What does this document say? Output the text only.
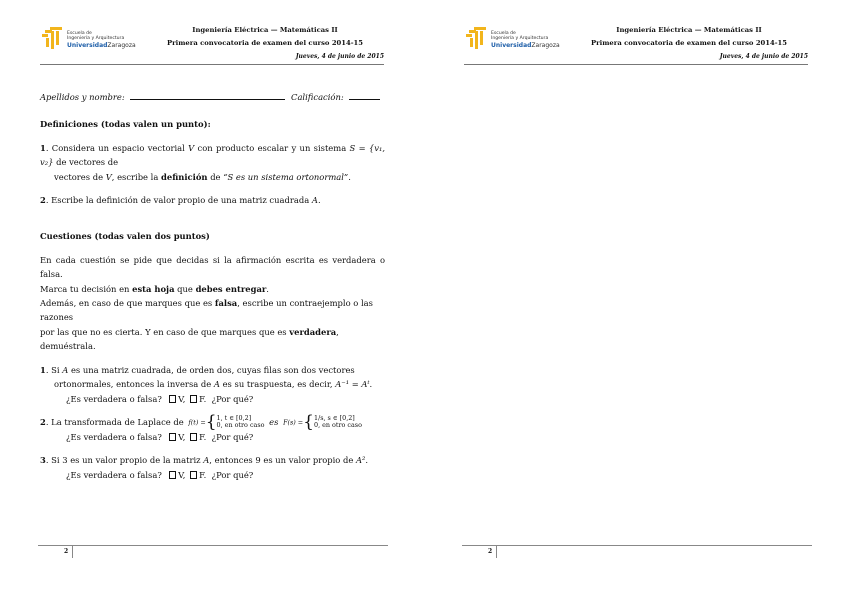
Escuela de
Ingeniería y Arquitectura
UniversidadZaragoza
Ingeniería Eléctrica — Matemáticas II
Primera convocatoria de examen del curso 2014-15
Jueves, 4 de junio de 2015

Apellidos y nombre:	Calificación:

Definiciones (todas valen un punto):

1. Considera un espacio vectorial V con producto escalar y un sistema S = {v₁, v₂} de vectores de

vectores de V, escribe la definición de “S es un sistema ortonormal”.

2. Escribe la definición de valor propio de una matriz cuadrada A.

Cuestiones (todas valen dos puntos)

En cada cuestión se pide que decidas si la afirmación escrita es verdadera o falsa.

Marca tu decisión en esta hoja que debes entregar.

Además, en caso de que marques que es falsa, escribe un contraejemplo o las razones

por las que no es cierta. Y en caso de que marques que es verdadera, demuéstrala.

1. Si A es una matriz cuadrada, de orden dos, cuyas filas son dos vectores

ortonormales, entonces la inversa de A es su traspuesta, es decir, A⁻¹ = Aᵗ.

¿Es verdadera o falsa? V, F. ¿Por qué?

2. La transformada de Laplace de f(t) ={1, t ∈ [0,2]
0, en otro caso es F(s) ={1/s, s ∈ [0,2]
0, en otro caso

¿Es verdadera o falsa? V, F. ¿Por qué?

3. Si 3 es un valor propio de la matriz A, entonces 9 es un valor propio de A².

¿Es verdadera o falsa? V, F. ¿Por qué?

2
Escuela de
Ingeniería y Arquitectura
UniversidadZaragoza
Ingeniería Eléctrica — Matemáticas II
Primera convocatoria de examen del curso 2014-15
Jueves, 4 de junio de 2015
2
